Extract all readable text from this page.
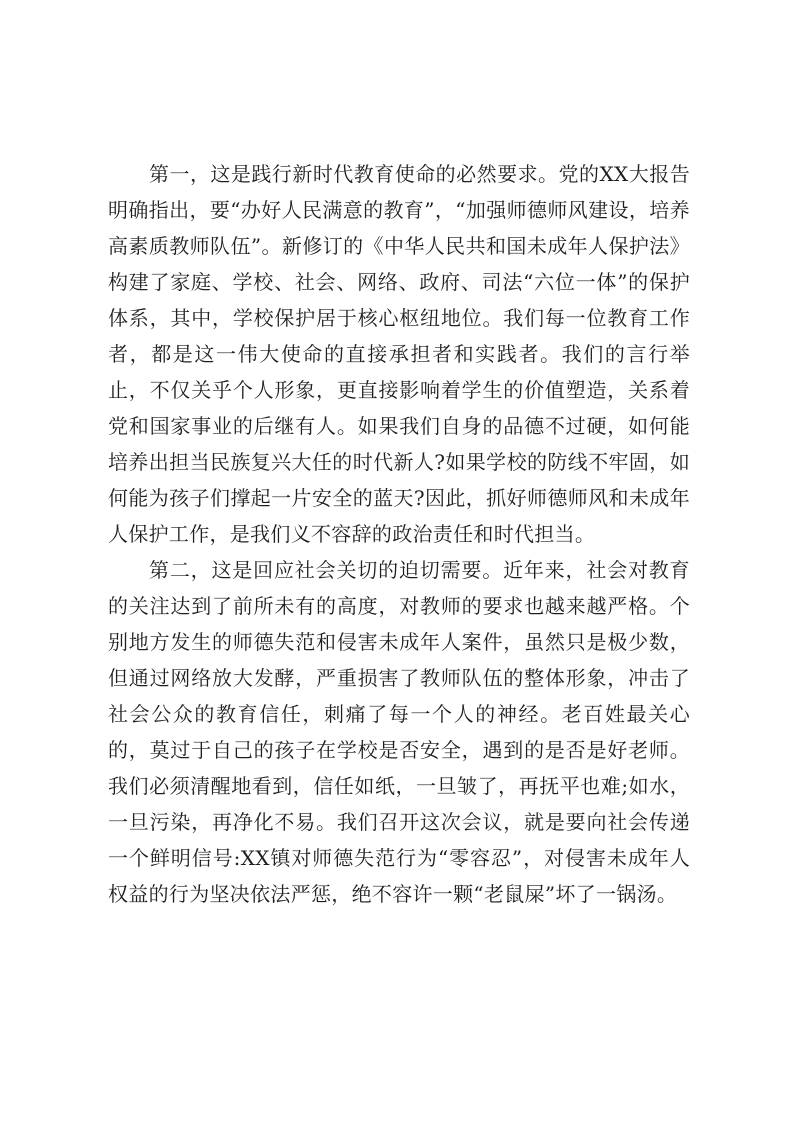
第一，这是践行新时代教育使命的必然要求。党的XX大报告明确指出，要“办好人民满意的教育”，“加强师德师风建设，培养高素质教师队伍”。新修订的《中华人民共和国未成年人保护法》构建了家庭、学校、社会、网络、政府、司法“六位一体”的保护体系，其中，学校保护居于核心枢纽地位。我们每一位教育工作者，都是这一伟大使命的直接承担者和实践者。我们的言行举止，不仅关乎个人形象，更直接影响着学生的价值塑造，关系着党和国家事业的后继有人。如果我们自身的品德不过硬，如何能培养出担当民族复兴大任的时代新人?如果学校的防线不牢固，如何能为孩子们撑起一片安全的蓝天?因此，抓好师德师风和未成年人保护工作，是我们义不容辞的政治责任和时代担当。

第二，这是回应社会关切的迫切需要。近年来，社会对教育的关注达到了前所未有的高度，对教师的要求也越来越严格。个别地方发生的师德失范和侵害未成年人案件，虽然只是极少数，但通过网络放大发酵，严重损害了教师队伍的整体形象，冲击了社会公众的教育信任，刺痛了每一个人的神经。老百姓最关心的，莫过于自己的孩子在学校是否安全，遇到的是否是好老师。我们必须清醒地看到，信任如纸，一旦皱了，再抚平也难;如水，一旦污染，再净化不易。我们召开这次会议，就是要向社会传递一个鲜明信号:XX镇对师德失范行为“零容忍”，对侵害未成年人权益的行为坚决依法严惩，绝不容许一颗“老鼠屎”坏了一锅汤。
